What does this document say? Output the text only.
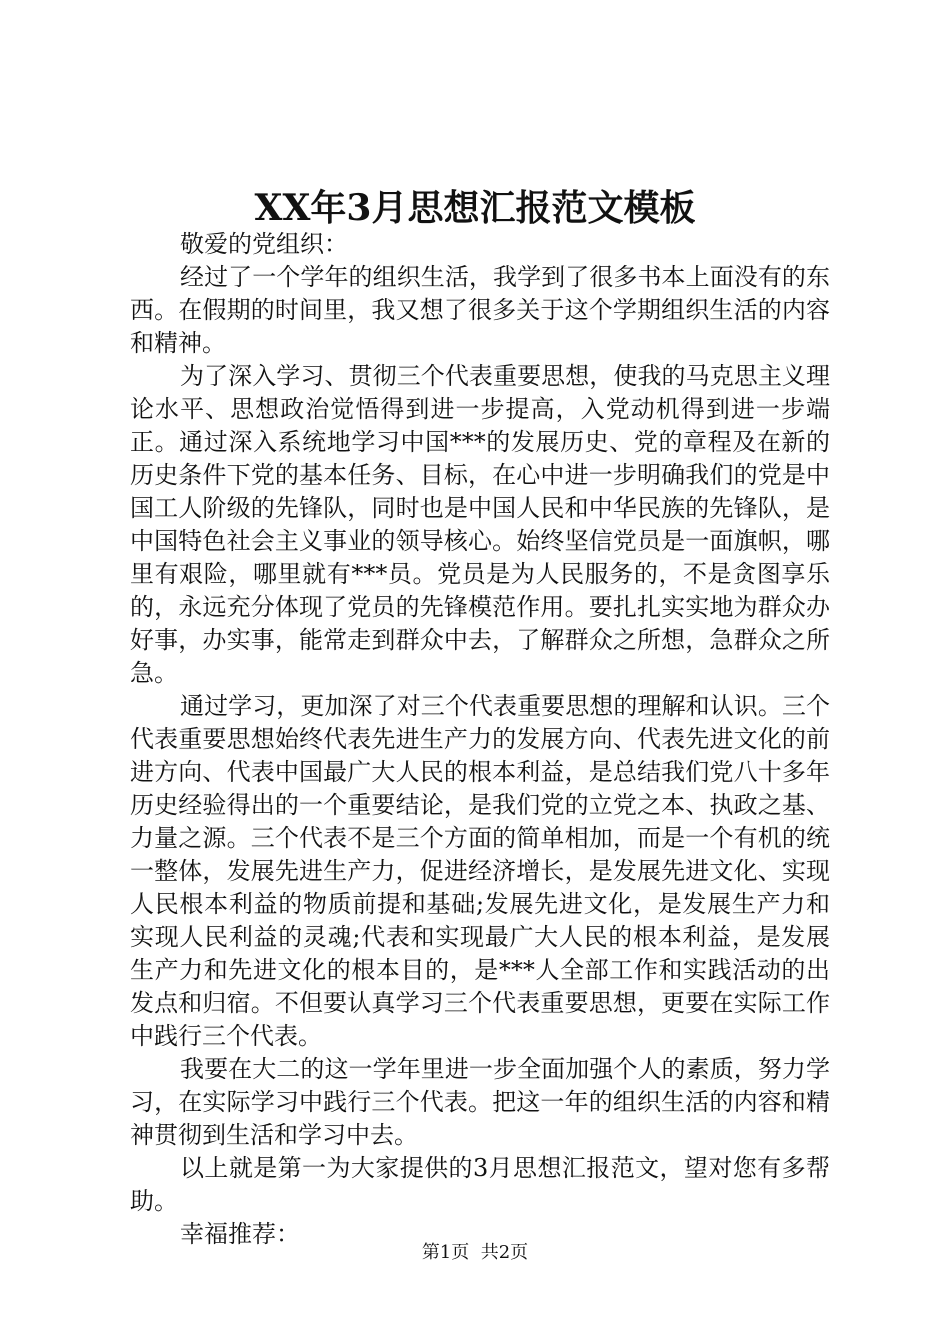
XX年3月思想汇报范文模板

敬爱的党组织：

经过了一个学年的组织生活，我学到了很多书本上面没有的东西。在假期的时间里，我又想了很多关于这个学期组织生活的内容和精神。

为了深入学习、贯彻三个代表重要思想，使我的马克思主义理论水平、思想政治觉悟得到进一步提高，入党动机得到进一步端正。通过深入系统地学习中国***的发展历史、党的章程及在新的历史条件下党的基本任务、目标，在心中进一步明确我们的党是中国工人阶级的先锋队，同时也是中国人民和中华民族的先锋队，是中国特色社会主义事业的领导核心。始终坚信党员是一面旗帜，哪里有艰险，哪里就有***员。党员是为人民服务的，不是贪图享乐的，永远充分体现了党员的先锋模范作用。要扎扎实实地为群众办好事，办实事，能常走到群众中去，了解群众之所想，急群众之所急。

通过学习，更加深了对三个代表重要思想的理解和认识。三个代表重要思想始终代表先进生产力的发展方向、代表先进文化的前进方向、代表中国最广大人民的根本利益，是总结我们党八十多年历史经验得出的一个重要结论，是我们党的立党之本、执政之基、力量之源。三个代表不是三个方面的简单相加，而是一个有机的统一整体，发展先进生产力，促进经济增长，是发展先进文化、实现人民根本利益的物质前提和基础;发展先进文化，是发展生产力和实现人民利益的灵魂;代表和实现最广大人民的根本利益，是发展生产力和先进文化的根本目的，是***人全部工作和实践活动的出发点和归宿。不但要认真学习三个代表重要思想，更要在实际工作中践行三个代表。

我要在大二的这一学年里进一步全面加强个人的素质，努力学习，在实际学习中践行三个代表。把这一年的组织生活的内容和精神贯彻到生活和学习中去。

以上就是第一为大家提供的3月思想汇报范文，望对您有多帮助。

幸福推荐：

第1页  共2页
